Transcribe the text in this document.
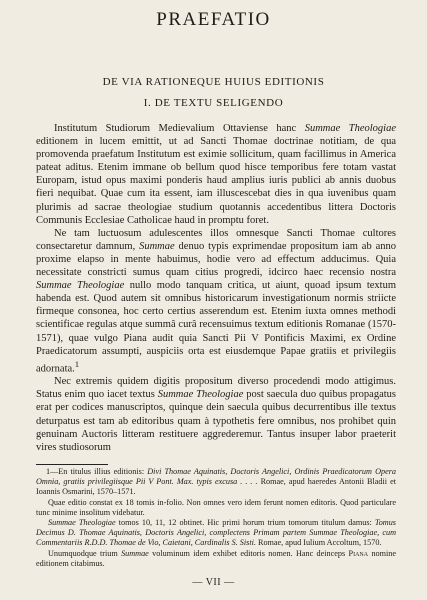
PRAEFATIO
DE VIA RATIONEQUE HUIUS EDITIONIS
I. DE TEXTU SELIGENDO

Institutum Studiorum Medievalium Ottaviense hanc Summae Theologiae editionem in lucem emittit, ut ad Sancti Thomae doctrinae notitiam, de qua promovenda praefatum Institutum est eximie sollicitum, quam facillimus in America pateat aditus. Etenim immane ob bellum quod hisce temporibus fere totam vastat Europam, istud opus maximi ponderis haud amplius iuris publici ab annis duobus fieri nequibat. Quae cum ita essent, iam illuscescebat dies in qua iuvenibus quam plurimis ad sacrae theologiae studium quotannis accedentibus littera Doctoris Communis Ecclesiae Catholicae haud in promptu foret.

Ne tam luctuosum adulescentes illos omnesque Sancti Thomae cultores consectaretur damnum, Summae denuo typis exprimendae propositum iam ab anno proxime elapso in mente habuimus, hodie vero ad effectum adducimus. Quia necessitate constricti sumus quam citius progredi, idcirco haec recensio nostra Summae Theologiae nullo modo tanquam critica, ut aiunt, quoad ipsum textum habenda est. Quod autem sit omnibus historicarum investigationum normis striicte firmeque consonea, hoc certo certius asserendum est. Etenim iuxta omnes methodi scientificae regulas atque summâ curâ recensuimus textum editionis Romanae (1570-1571), quae vulgo Piana audit quia Sancti Pii V Pontificis Maximi, ex Ordine Praedicatorum assumpti, auspiciis orta est eiusdemque Papae gratiis et privilegiis adornata.$^1$

Nec extremis quidem digitis propositum diverso procedendi modo attigimus. Status enim quo iacet textus Summae Theologiae post saecula duo quibus propagatus erat per codices manuscriptos, quinque dein saecula quibus decurrentibus ille textus deturpatus est tam ab editoribus quam à typothetis fere omnibus, nos prohibet quin genuinam Auctoris litteram restituere aggrederemur. Tantus insuper labor praeterit vires studiosorum

1—En titulus illius editionis: Divi Thomae Aquinatis, Doctoris Angelici, Ordinis Praedicatorum Opera Omnia, gratiis privilegiisque Pii V Pont. Max. typis excusa . . . . Romae, apud haeredes Antonii Bladii et Ioannis Osmarini, 1570–1571.

Quae editio constat ex 18 tomis in-folio. Non omnes vero idem ferunt nomen editoris. Quod particulare tunc minime insolitum videbatur.

Summae Theologiae tomos 10, 11, 12 obtinet. Hic primi horum trium tomorum titulum damus: Tomus Decimus D. Thomae Aquinatis, Doctoris Angelici, complectens Primam partem Summae Theologiae, cum Commentariis R.D.D. Thomae de Vio, Caietani, Cardinalis S. Sisti. Romae, apud Iulium Accoltum, 1570.

Unumquodque trium Summae voluminum idem exhibet editoris nomen. Hanc deinceps Piana nomine editionem citabimus.

— VII —
